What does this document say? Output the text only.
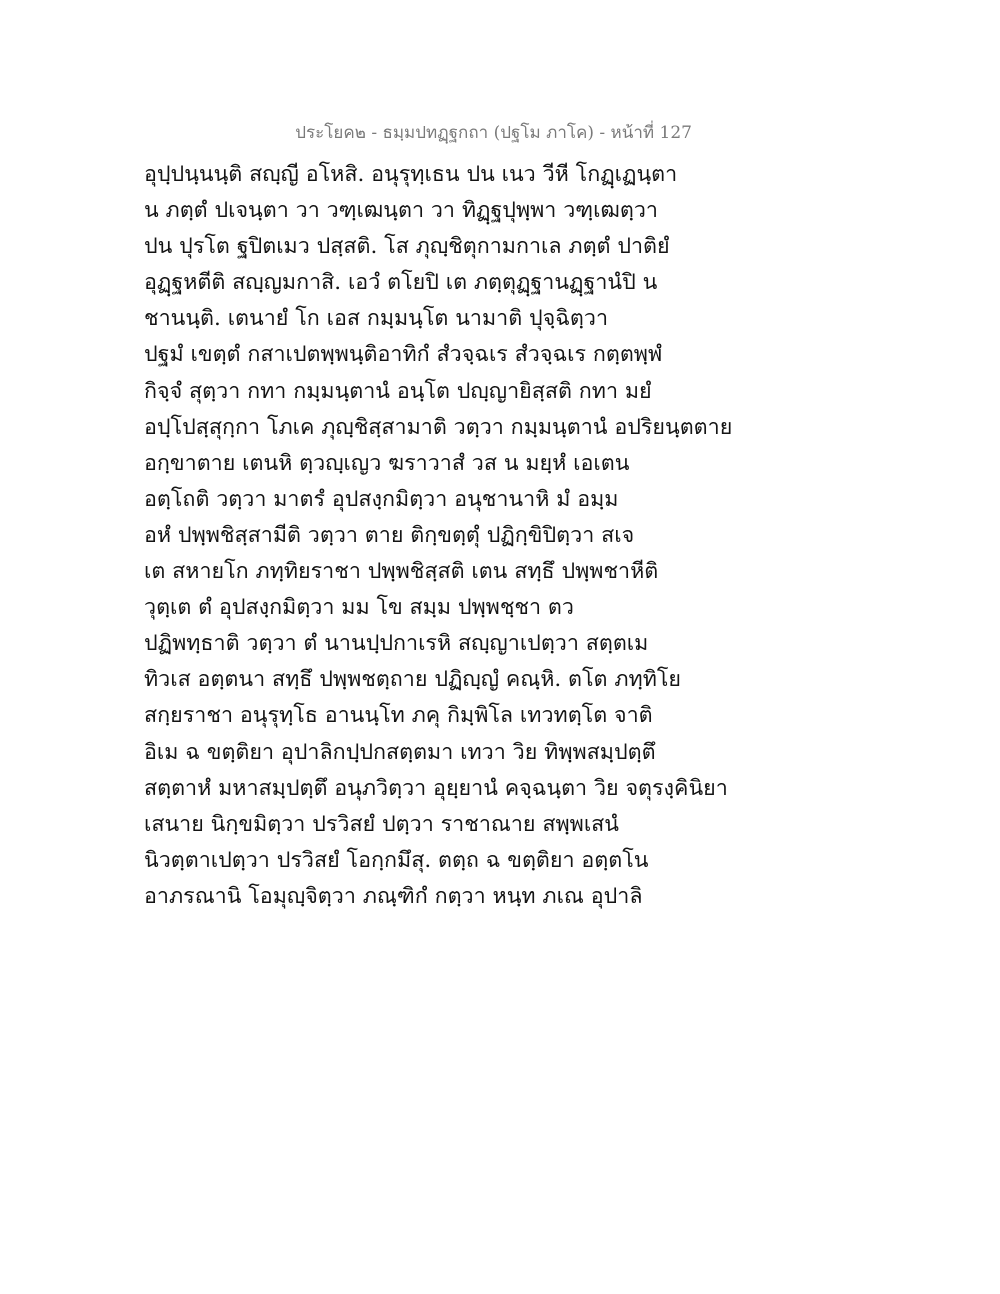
ประโยค๒ - ธมฺมปทฏฺฐกถา (ปฐโม ภาโค) - หน้าที่ 127
อุปฺปนฺนนฺติ สญฺญี อโหสิ. อนุรุทฺเธน ปน เนว วีหี โกฏฺเฏนฺตา
น ภตฺตํ ปเจนฺตา วา วฑฺเฒนฺตา วา ทิฏฺฐปุพฺพา วฑฺเฒตฺวา
ปน ปุรโต ฐปิตเมว ปสฺสติ. โส ภุญฺชิตุกามกาเล ภตฺตํ ปาติยํ
อุฏฺฐหตีติ สญฺญมกาสิ. เอวํ ตโยปิ เต ภตฺตุฏฺฐานฏฺฐานํปิ น
ชานนฺติ. เตนายํ โก เอส กมฺมนฺโต นามาติ ปุจฺฉิตฺวา
ปฐมํ เขตฺตํ กสาเปตพฺพนฺติอาทิกํ สํวจฺฉเร สํวจฺฉเร กตฺตพฺพํ
กิจฺจํ สุตฺวา กทา กมฺมนฺตานํ อนฺโต ปญฺญายิสฺสติ กทา มยํ
อปฺโปสฺสุกฺกา โภเค ภุญฺชิสฺสามาติ วตฺวา กมฺมนฺตานํ อปริยนฺตตาย
อกฺขาตาย เตนหิ ตฺวญฺเญว ฆราวาสํ วส น มยฺหํ เอเตน
อตฺโถติ วตฺวา มาตรํ อุปสงฺกมิตฺวา อนุชานาหิ มํ อมฺม
อหํ ปพฺพชิสฺสามีติ วตฺวา ตาย ติกฺขตฺตุํ ปฏิกฺขิปิตฺวา สเจ
เต สหายโก ภทฺทิยราชา ปพฺพชิสฺสติ เตน สทฺธึ ปพฺพชาหีติ
วุตฺเต ตํ อุปสงฺกมิตฺวา มม โข สมฺม ปพฺพชฺชา ตว
ปฏิพทฺธาติ วตฺวา ตํ นานปฺปกาเรหิ สญฺญาเปตฺวา สตฺตเม
ทิวเส อตฺตนา สทฺธึ ปพฺพชตฺถาย ปฏิญฺญํ คณฺหิ. ตโต ภทฺทิโย
สกฺยราชา อนุรุทฺโธ อานนฺโท ภคุ กิมฺพิโล เทวทตฺโต จาติ
อิเม ฉ ขตฺติยา อุปาลิกปฺปกสตฺตมา เทวา วิย ทิพฺพสมฺปตฺตึ
สตฺตาหํ มหาสมฺปตฺตึ อนุภวิตฺวา อุยฺยานํ คจฺฉนฺตา วิย จตุรงฺคินิยา
เสนาย นิกฺขมิตฺวา ปรวิสยํ ปตฺวา ราชาณาย สพฺพเสนํ
นิวตฺตาเปตฺวา ปรวิสยํ โอกฺกมึสุ. ตตฺถ ฉ ขตฺติยา อตฺตโน
อาภรณานิ โอมุญฺจิตฺวา ภณฺฑิกํ กตฺวา หนฺท ภเณ อุปาลิ
